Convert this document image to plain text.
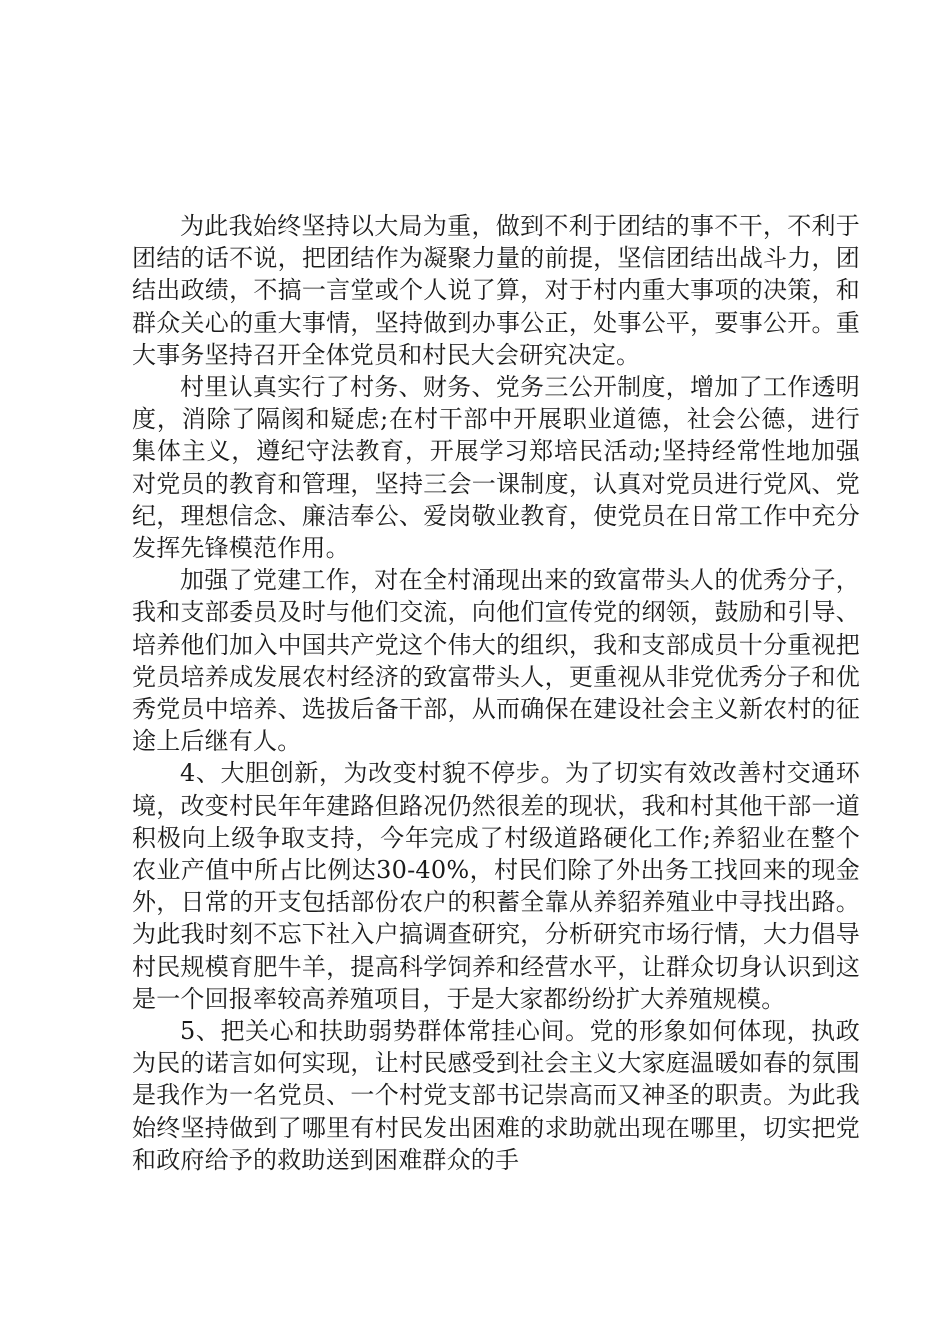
为此我始终坚持以大局为重，做到不利于团结的事不干，不利于团结的话不说，把团结作为凝聚力量的前提，坚信团结出战斗力，团结出政绩，不搞一言堂或个人说了算，对于村内重大事项的决策，和群众关心的重大事情，坚持做到办事公正，处事公平，要事公开。重大事务坚持召开全体党员和村民大会研究决定。

村里认真实行了村务、财务、党务三公开制度，增加了工作透明度，消除了隔阂和疑虑;在村干部中开展职业道德，社会公德，进行集体主义，遵纪守法教育，开展学习郑培民活动;坚持经常性地加强对党员的教育和管理，坚持三会一课制度，认真对党员进行党风、党纪，理想信念、廉洁奉公、爱岗敬业教育，使党员在日常工作中充分发挥先锋模范作用。

加强了党建工作，对在全村涌现出来的致富带头人的优秀分子，我和支部委员及时与他们交流，向他们宣传党的纲领，鼓励和引导、培养他们加入中国共产党这个伟大的组织，我和支部成员十分重视把党员培养成发展农村经济的致富带头人，更重视从非党优秀分子和优秀党员中培养、选拔后备干部，从而确保在建设社会主义新农村的征途上后继有人。

4、大胆创新，为改变村貌不停步。为了切实有效改善村交通环境，改变村民年年建路但路况仍然很差的现状，我和村其他干部一道积极向上级争取支持，今年完成了村级道路硬化工作;养貂业在整个农业产值中所占比例达30-40%，村民们除了外出务工找回来的现金外，日常的开支包括部份农户的积蓄全靠从养貂养殖业中寻找出路。为此我时刻不忘下社入户搞调查研究，分析研究市场行情，大力倡导村民规模育肥牛羊，提高科学饲养和经营水平，让群众切身认识到这是一个回报率较高养殖项目，于是大家都纷纷扩大养殖规模。

5、把关心和扶助弱势群体常挂心间。党的形象如何体现，执政为民的诺言如何实现，让村民感受到社会主义大家庭温暖如春的氛围是我作为一名党员、一个村党支部书记崇高而又神圣的职责。为此我始终坚持做到了哪里有村民发出困难的求助就出现在哪里，切实把党和政府给予的救助送到困难群众的手
